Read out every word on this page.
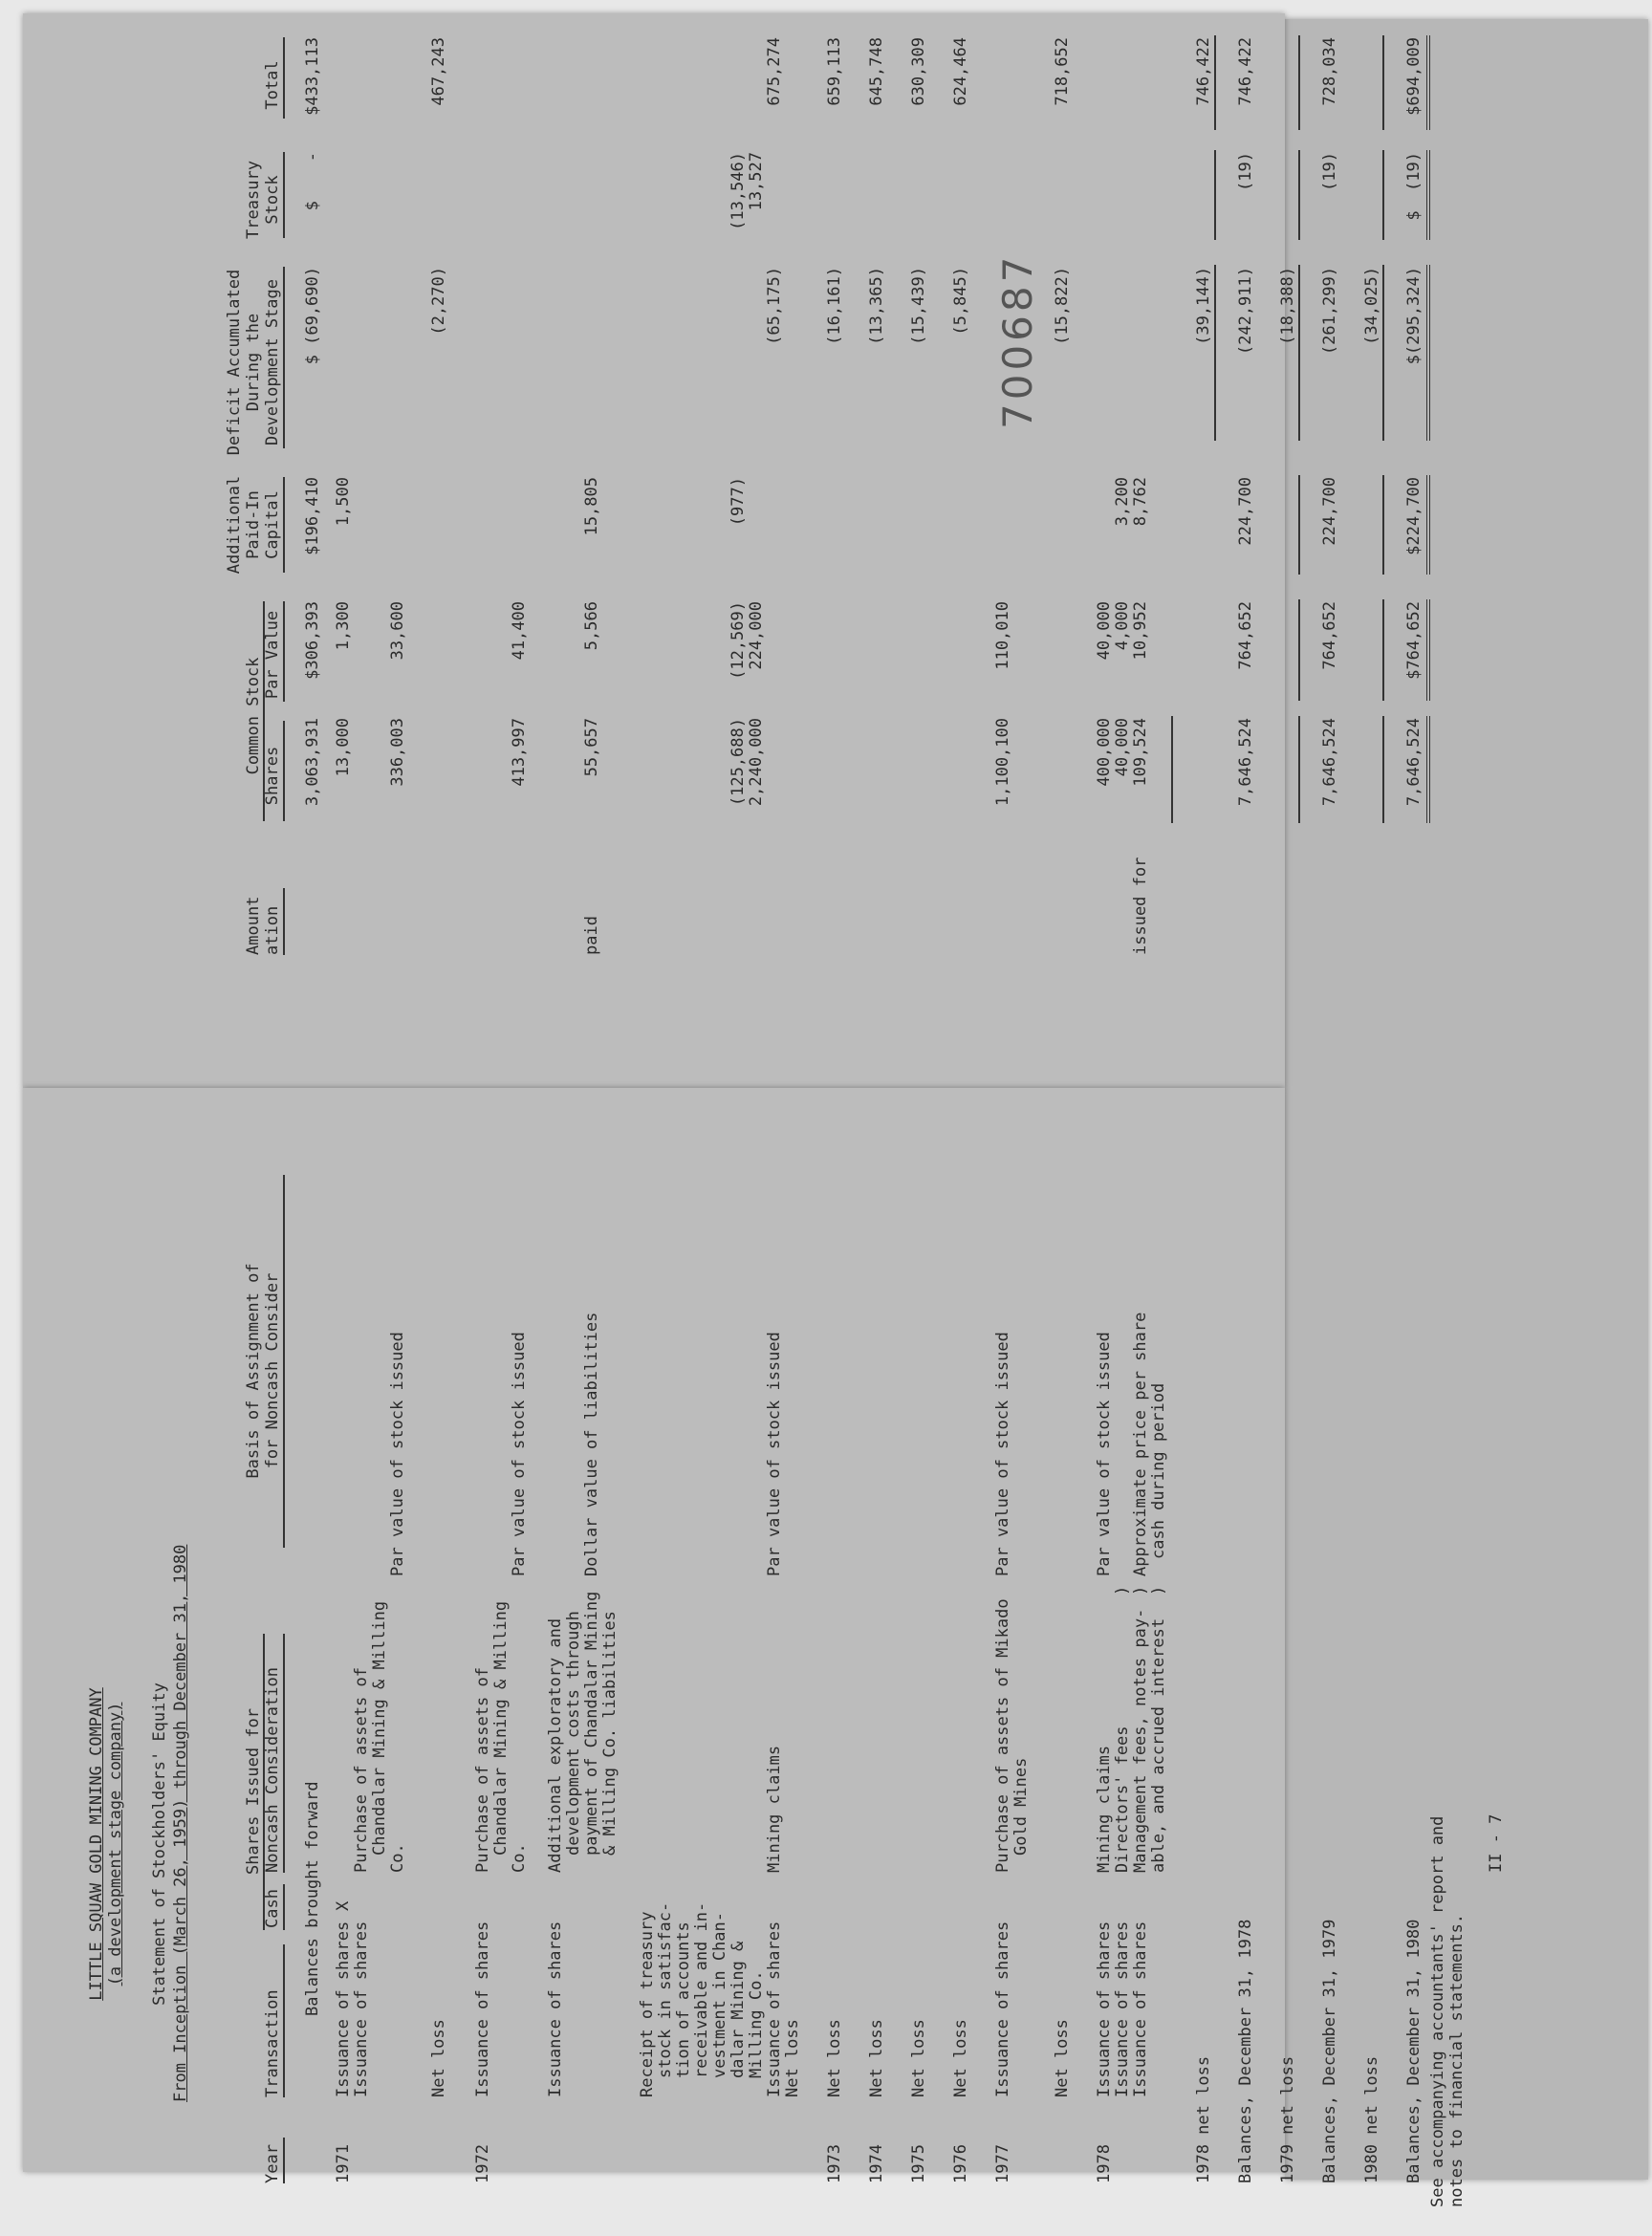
LITTLE SQUAW GOLD MINING COMPANY (a development stage company) Statement of Stockholders' Equity From Inception (March 26, 1959) through December 31, 1980
700687
Shares Issued for
Basis of Assignment of
Year
Transaction
Cash
Noncash Consideration
for Noncash Consider
Amount ation
Common Stock
Shares
Par Value
Additional Paid-In Capital
Deficit Accumulated During the Development Stage
Treasury Stock
Total
Balances brought forward
1971
Issuance of shares
X
Issuance of shares
Purchase of assets of Chandalar Mining & Milling
Co.
Par value of stock issued
Net loss
1972
Issuance of shares
Purchase of assets of Chandalar Mining & Milling
Co.
Par value of stock issued
Issuance of shares
Additional exploratory and development costs through payment of Chandalar Mining
Dollar value of liabilities
& Milling Co. liabilities
Receipt of treasury stock in satisfac- tion of accounts receivable and in- vestment in Chan- dalar Mining & Milling Co. Issuance of shares
Mining claims
Par value of stock issued
Net loss
1973
Net loss
1974
Net loss
1975
Net loss
1976
Net loss
1977
Issuance of shares
Purchase of assets of Mikado
Par value of stock issued
Gold Mines
Net loss
1978
Issuance of shares
Mining claims
Par value of stock issued
Issuance of shares
Directors' fees
)
Issuance of shares
Management fees, notes pay-
)
Approximate price per share
able, and accrued interest
)
cash during period
1978 net loss Balances, December 31, 1978 1979 net loss Balances, December 31, 1979 1980 net loss Balances, December 31, 1980
3,063,931
$306,393
$196,410
$ (69,690)
$    -
$433,113
13,000
1,300
1,500
336,003
33,600
(2,270)
467,243
413,997
41,400
paid
55,657
5,566
15,805
(125,688)
(12,569)
(977)
(13,546)
2,240,000
224,000
13,527
(65,175)
675,274
(16,161)
659,113
(13,365)
645,748
(15,439)
630,309
(5,845)
624,464
1,100,100
110,010
(15,822)
718,652
400,000
40,000
40,000
4,000
3,200
issued for
109,524
10,952
8,762
(39,144)
746,422
7,646,524
764,652
224,700
(242,911)
(19)
746,422
(18,388)
7,646,524
764,652
224,700
(261,299)
(19)
728,034
(34,025)
7,646,524
$764,652
$224,700
$(295,324)
$  (19)
$694,009
See accompanying accountants' report and notes to financial statements.
II - 7
